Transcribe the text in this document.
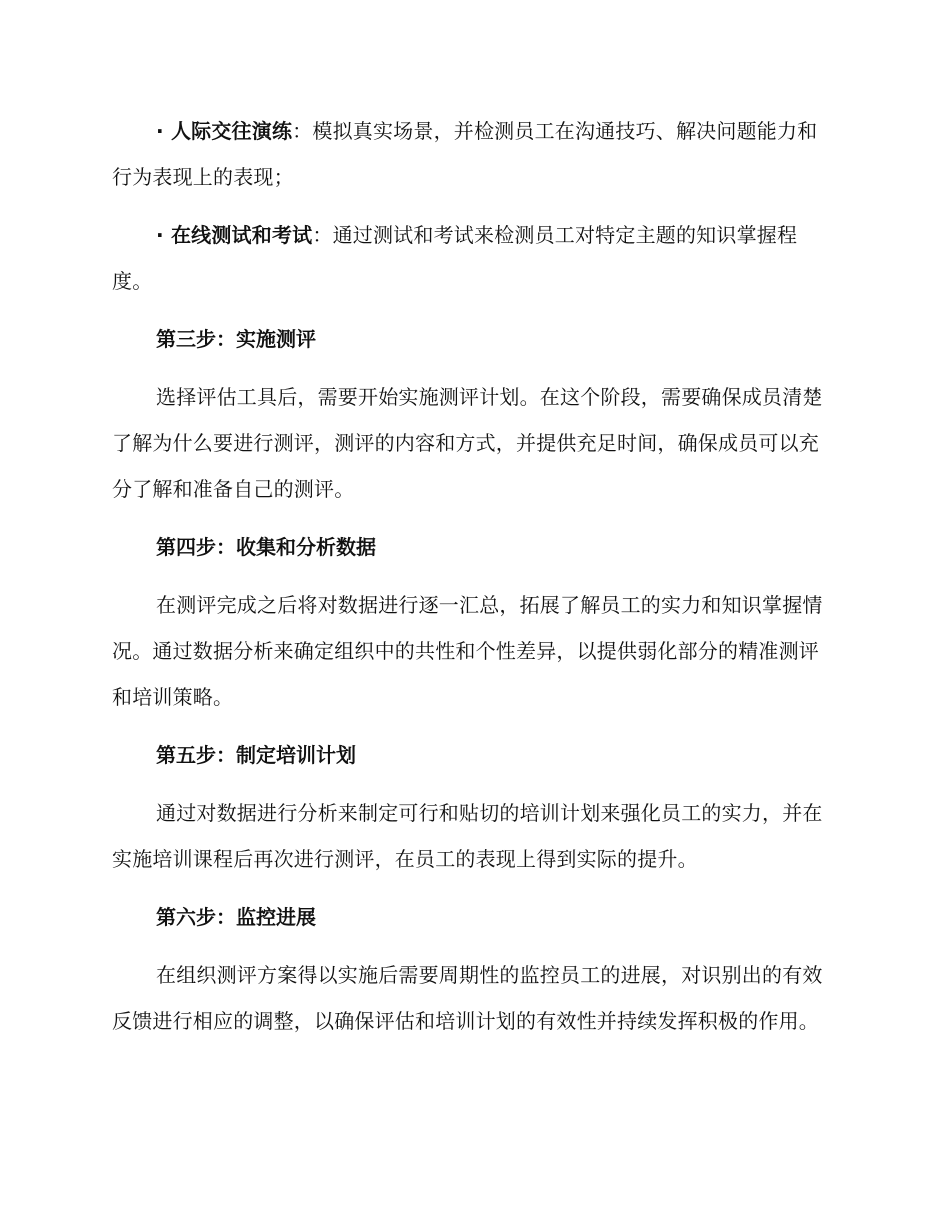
· 人际交往演练：模拟真实场景，并检测员工在沟通技巧、解决问题能力和行为表现上的表现；

· 在线测试和考试：通过测试和考试来检测员工对特定主题的知识掌握程度。

第三步：实施测评

选择评估工具后，需要开始实施测评计划。在这个阶段，需要确保成员清楚了解为什么要进行测评，测评的内容和方式，并提供充足时间，确保成员可以充分了解和准备自己的测评。

第四步：收集和分析数据

在测评完成之后将对数据进行逐一汇总，拓展了解员工的实力和知识掌握情况。通过数据分析来确定组织中的共性和个性差异，以提供弱化部分的精准测评和培训策略。

第五步：制定培训计划

通过对数据进行分析来制定可行和贴切的培训计划来强化员工的实力，并在实施培训课程后再次进行测评，在员工的表现上得到实际的提升。

第六步：监控进展

在组织测评方案得以实施后需要周期性的监控员工的进展，对识别出的有效反馈进行相应的调整，以确保评估和培训计划的有效性并持续发挥积极的作用。
